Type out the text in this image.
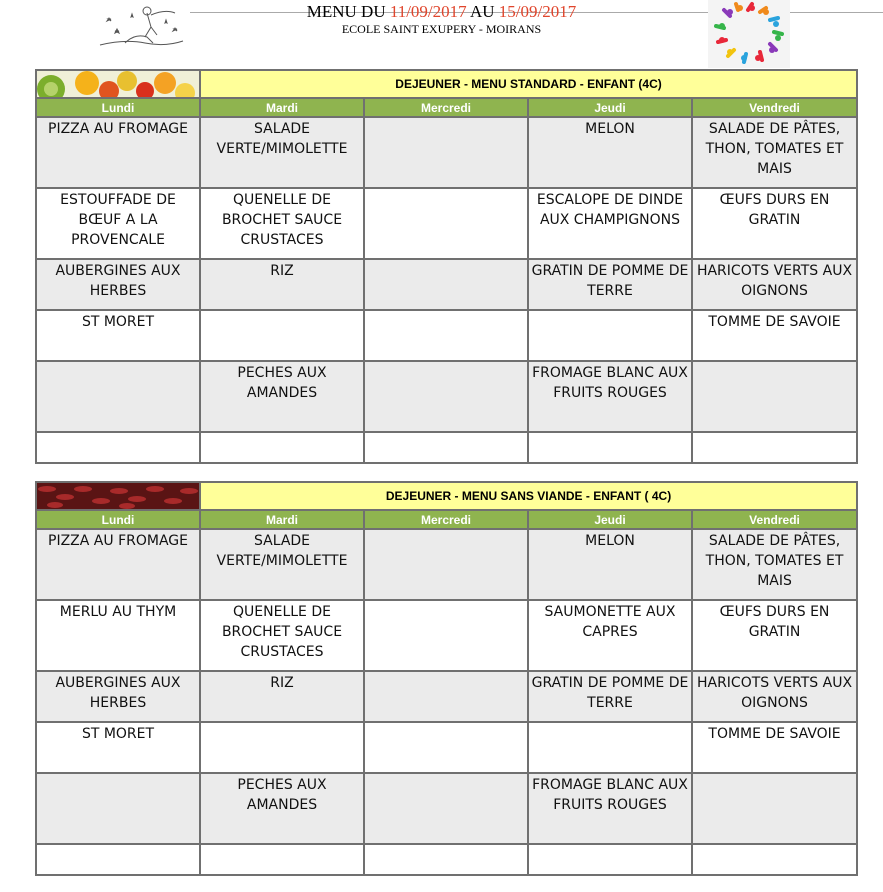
MENU DU 11/09/2017 AU 15/09/2017
ECOLE SAINT EXUPERY - MOIRANS
	DEJEUNER - MENU STANDARD - ENFANT (4C)			
Lundi	Mardi	Mercredi	Jeudi	Vendredi
PIZZA AU FROMAGE	SALADE VERTE/MIMOLETTE		MELON	SALADE DE PÂTES, THON, TOMATES ET MAIS
ESTOUFFADE DE BŒUF A LA PROVENCALE	QUENELLE DE BROCHET SAUCE CRUSTACES		ESCALOPE DE DINDE AUX CHAMPIGNONS	ŒUFS DURS EN GRATIN
AUBERGINES AUX HERBES	RIZ		GRATIN DE POMME DE TERRE	HARICOTS VERTS AUX OIGNONS
ST MORET				TOMME DE SAVOIE
	PECHES AUX AMANDES		FROMAGE BLANC AUX FRUITS ROUGES	

	DEJEUNER - MENU SANS VIANDE - ENFANT ( 4C)			
Lundi	Mardi	Mercredi	Jeudi	Vendredi
PIZZA AU FROMAGE	SALADE VERTE/MIMOLETTE		MELON	SALADE DE PÂTES, THON, TOMATES ET MAIS
MERLU AU THYM	QUENELLE DE BROCHET SAUCE CRUSTACES		SAUMONETTE AUX CAPRES	ŒUFS DURS EN GRATIN
AUBERGINES AUX HERBES	RIZ		GRATIN DE POMME DE TERRE	HARICOTS VERTS AUX OIGNONS
ST MORET				TOMME DE SAVOIE
	PECHES AUX AMANDES		FROMAGE BLANC AUX FRUITS ROUGES	
